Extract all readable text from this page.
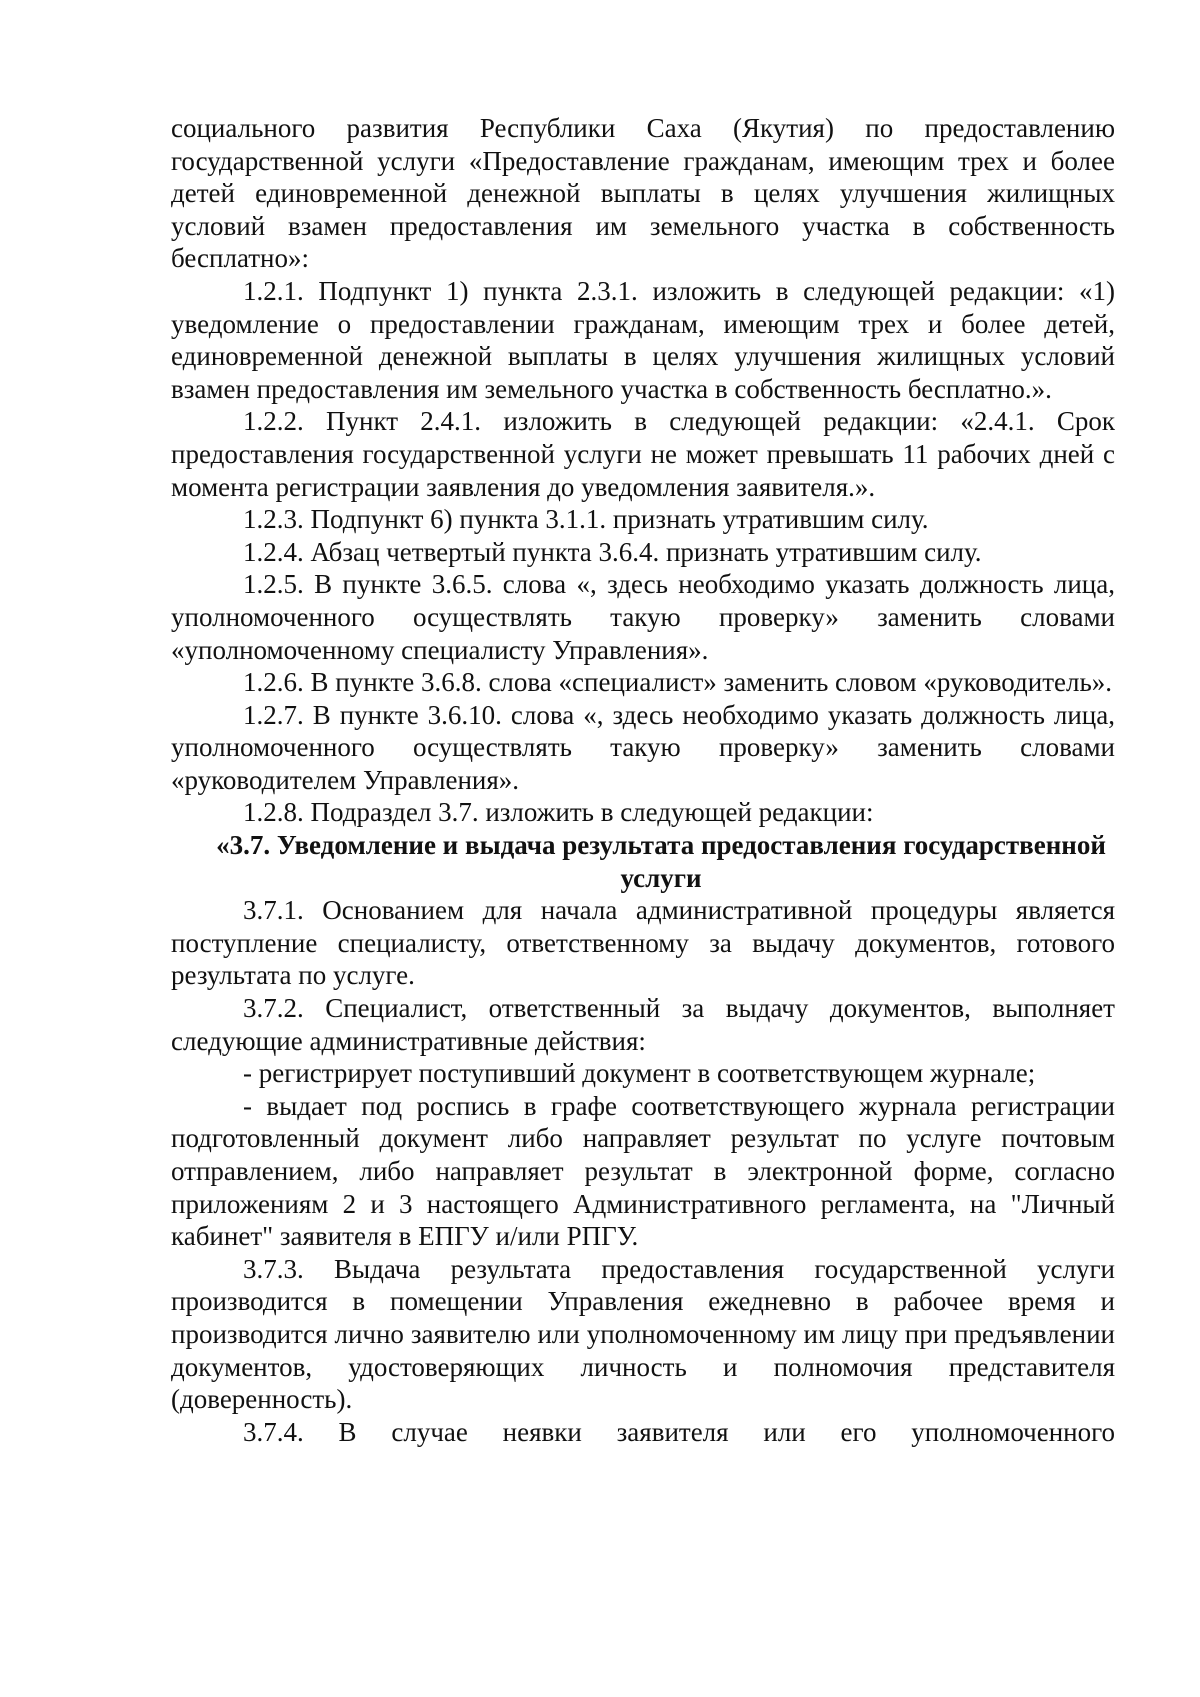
социального развития Республики Саха (Якутия) по предоставлению государственной услуги «Предоставление гражданам, имеющим трех и более детей единовременной денежной выплаты в целях улучшения жилищных условий взамен предоставления им земельного участка в собственность бесплатно»:

1.2.1. Подпункт 1) пункта 2.3.1. изложить в следующей редакции: «1) уведомление о предоставлении гражданам, имеющим трех и более детей, единовременной денежной выплаты в целях улучшения жилищных условий взамен предоставления им земельного участка в собственность бесплатно.».

1.2.2. Пункт 2.4.1. изложить в следующей редакции: «2.4.1. Срок предоставления государственной услуги не может превышать 11 рабочих дней с момента регистрации заявления до уведомления заявителя.».

1.2.3. Подпункт 6) пункта 3.1.1. признать утратившим силу.

1.2.4. Абзац четвертый пункта 3.6.4. признать утратившим силу.

1.2.5. В пункте 3.6.5. слова «, здесь необходимо указать должность лица, уполномоченного осуществлять такую проверку» заменить словами «уполномоченному специалисту Управления».

1.2.6. В пункте 3.6.8. слова «специалист» заменить словом «руководитель».

1.2.7. В пункте 3.6.10. слова «, здесь необходимо указать должность лица, уполномоченного осуществлять такую проверку» заменить словами «руководителем Управления».

1.2.8. Подраздел 3.7. изложить в следующей редакции:

«3.7. Уведомление и выдача результата предоставления государственной услуги

3.7.1. Основанием для начала административной процедуры является поступление специалисту, ответственному за выдачу документов, готового результата по услуге.

3.7.2. Специалист, ответственный за выдачу документов, выполняет следующие административные действия:

- регистрирует поступивший документ в соответствующем журнале;

- выдает под роспись в графе соответствующего журнала регистрации подготовленный документ либо направляет результат по услуге почтовым отправлением, либо направляет результат в электронной форме, согласно приложениям 2 и 3 настоящего Административного регламента, на "Личный кабинет" заявителя в ЕПГУ и/или РПГУ.

3.7.3. Выдача результата предоставления государственной услуги производится в помещении Управления ежедневно в рабочее время и производится лично заявителю или уполномоченному им лицу при предъявлении документов, удостоверяющих личность и полномочия представителя (доверенность).

3.7.4. В случае неявки заявителя или его уполномоченного
